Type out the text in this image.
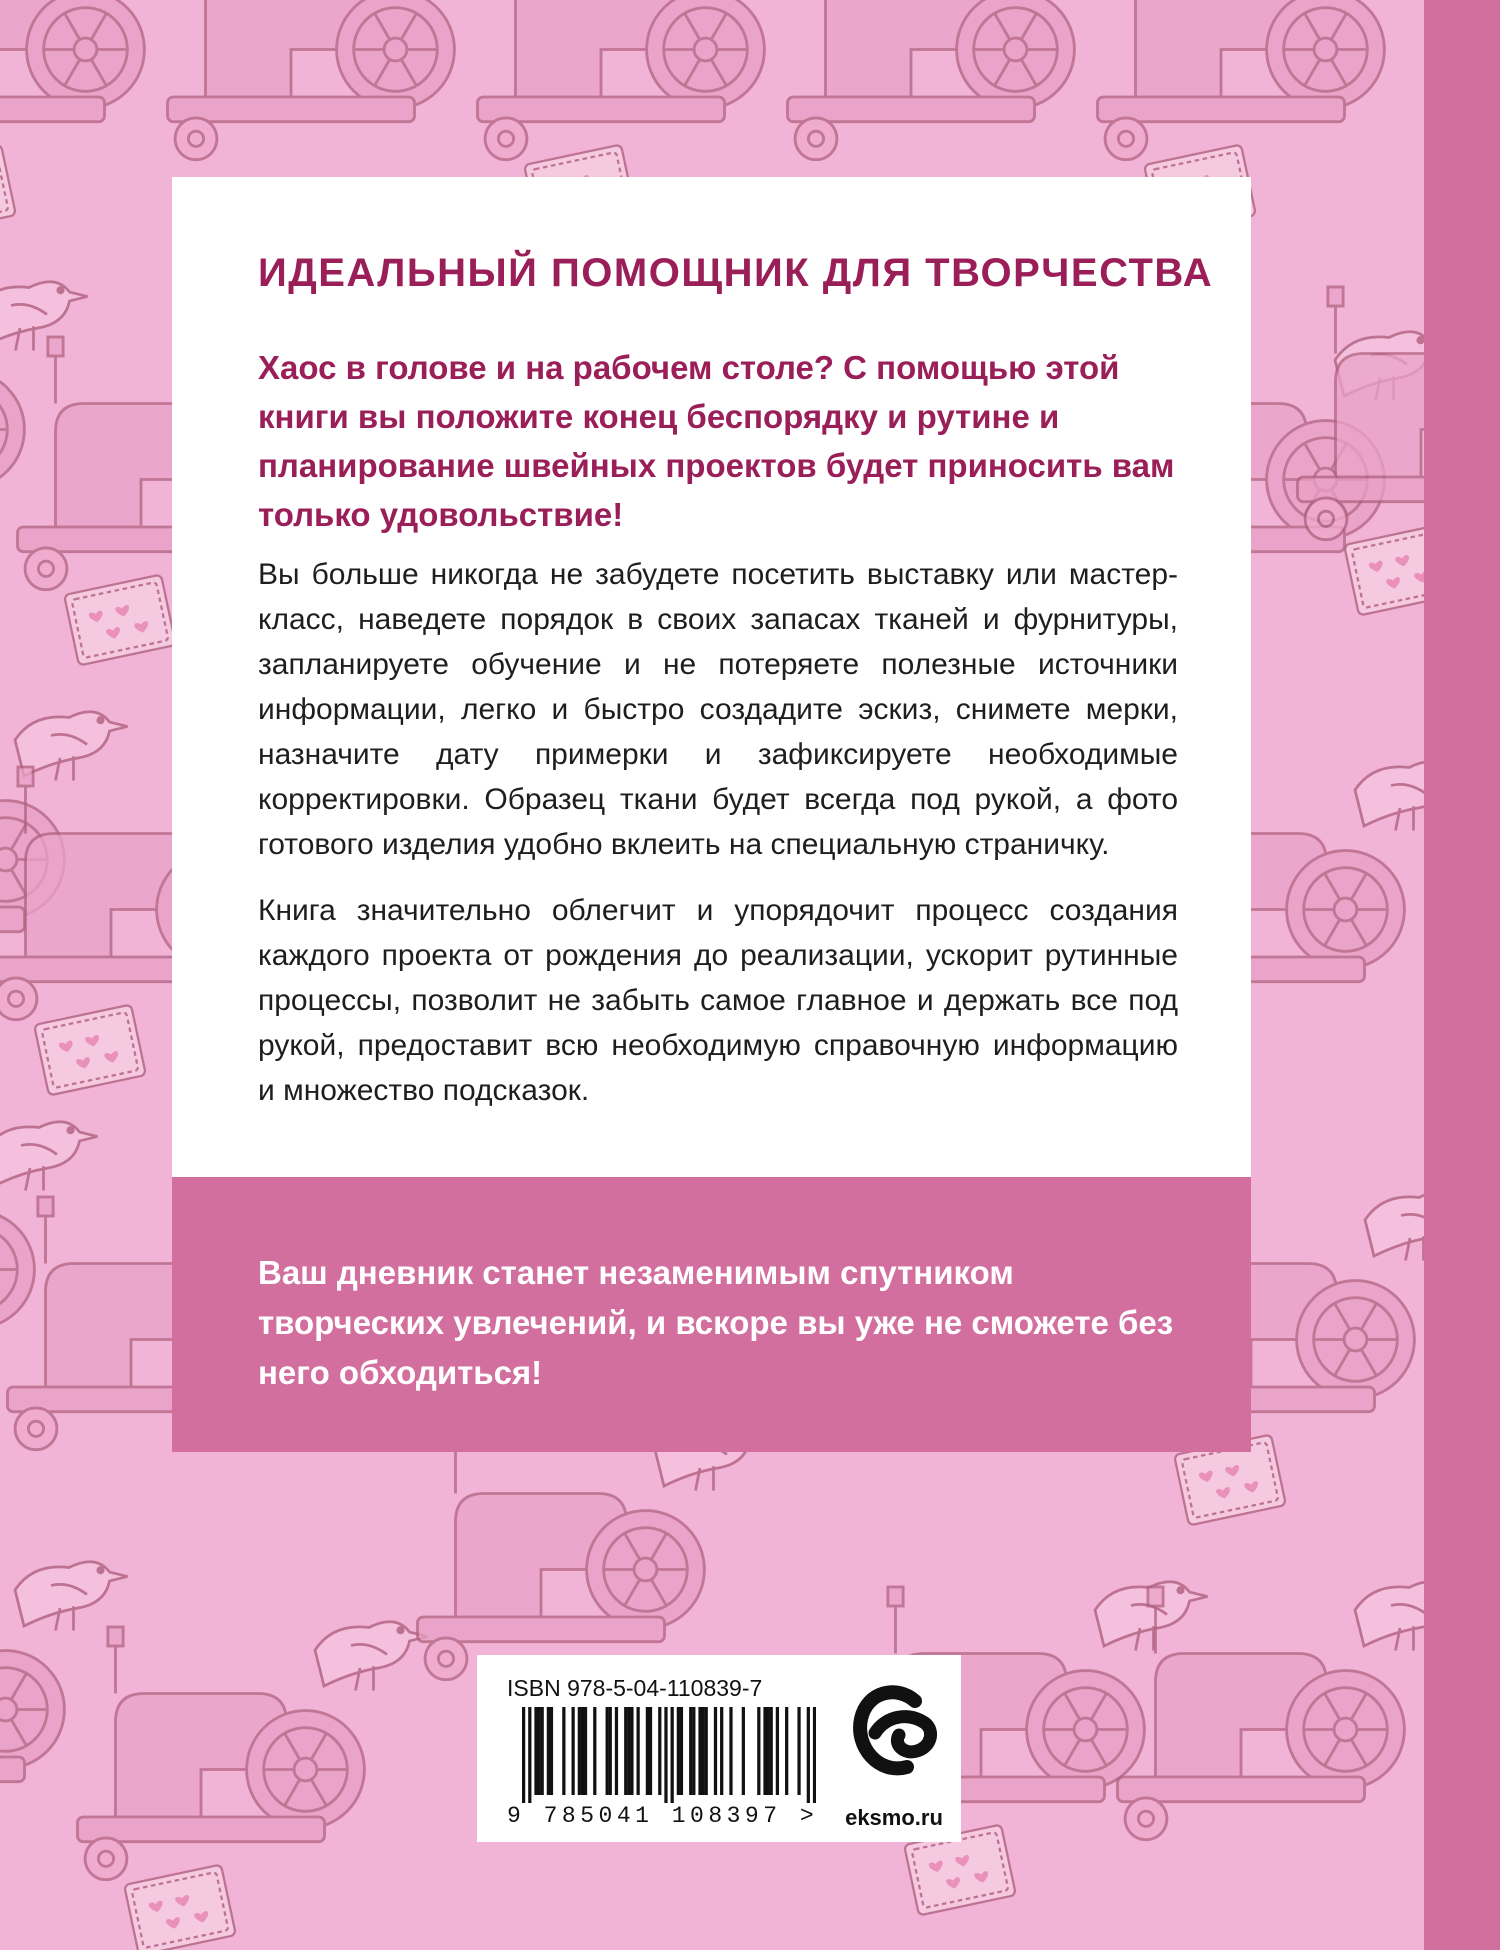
ИДЕАЛЬНЫЙ ПОМОЩНИК ДЛЯ ТВОРЧЕСТВА

Хаос в голове и на рабочем столе? С помощью этой книги вы положите конец беспорядку и рутине и планирование швейных проектов будет приносить вам только удовольствие!

Вы больше никогда не забудете посетить выставку или мастер-класс, наведете порядок в своих запасах тканей и фурнитуры, запланируете обучение и не потеряете полезные источники информации, легко и быстро создадите эскиз, снимете мерки, назначите дату примерки и зафиксируете необходимые корректировки. Образец ткани будет всегда под рукой, а фото готового изделия удобно вклеить на специальную страничку.

Книга значительно облегчит и упорядочит процесс создания каждого проекта от рождения до реализации, ускорит рутинные процессы, позволит не забыть самое главное и держать все под рукой, предоставит всю необходимую справочную информацию и множество подсказок.

Ваш дневник станет незаменимым спутником творческих увлечений, и вскоре вы уже не сможете без него обходиться!

ISBN 978-5-04-110839-7
9 785041 108397 > eksmo.ru
